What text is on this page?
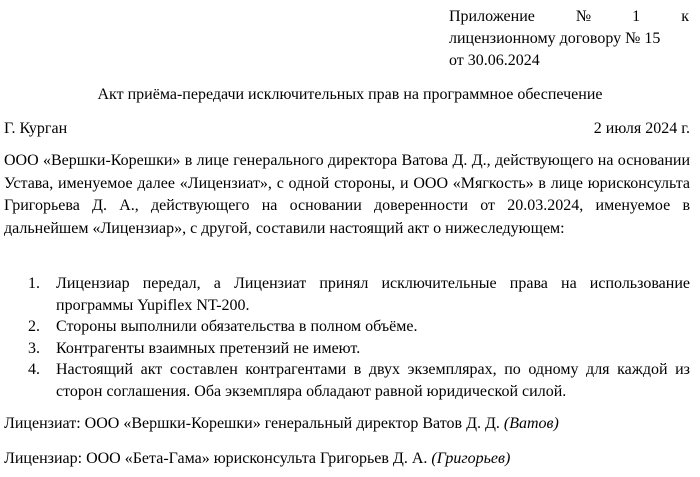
Приложение	№	1	к
лицензионному договору № 15
от 30.06.2024
Акт приёма-передачи исключительных прав на программное обеспечение
Г. Курган	2 июля 2024 г.
ООО «Вершки-Корешки» в лице генерального директора Ватова Д. Д., действующего на основании Устава, именуемое далее «Лицензиат», с одной стороны, и ООО «Мягкость» в лице юрисконсульта Григорьева Д. А., действующего на основании доверенности от 20.03.2024, именуемое в дальнейшем «Лицензиар», с другой, составили настоящий акт о нижеследующем:
1.	Лицензиар передал, а Лицензиат принял исключительные права на использование программы Yupiflex NT-200.
2.	Стороны выполнили обязательства в полном объёме.
3.	Контрагенты взаимных претензий не имеют.
4.	Настоящий акт составлен контрагентами в двух экземплярах, по одному для каждой из сторон соглашения. Оба экземпляра обладают равной юридической силой.
Лицензиат: ООО «Вершки-Корешки» генеральный директор Ватов Д. Д. (Ватов)
Лицензиар: ООО «Бета-Гама» юрисконсульта Григорьев Д. А. (Григорьев)
